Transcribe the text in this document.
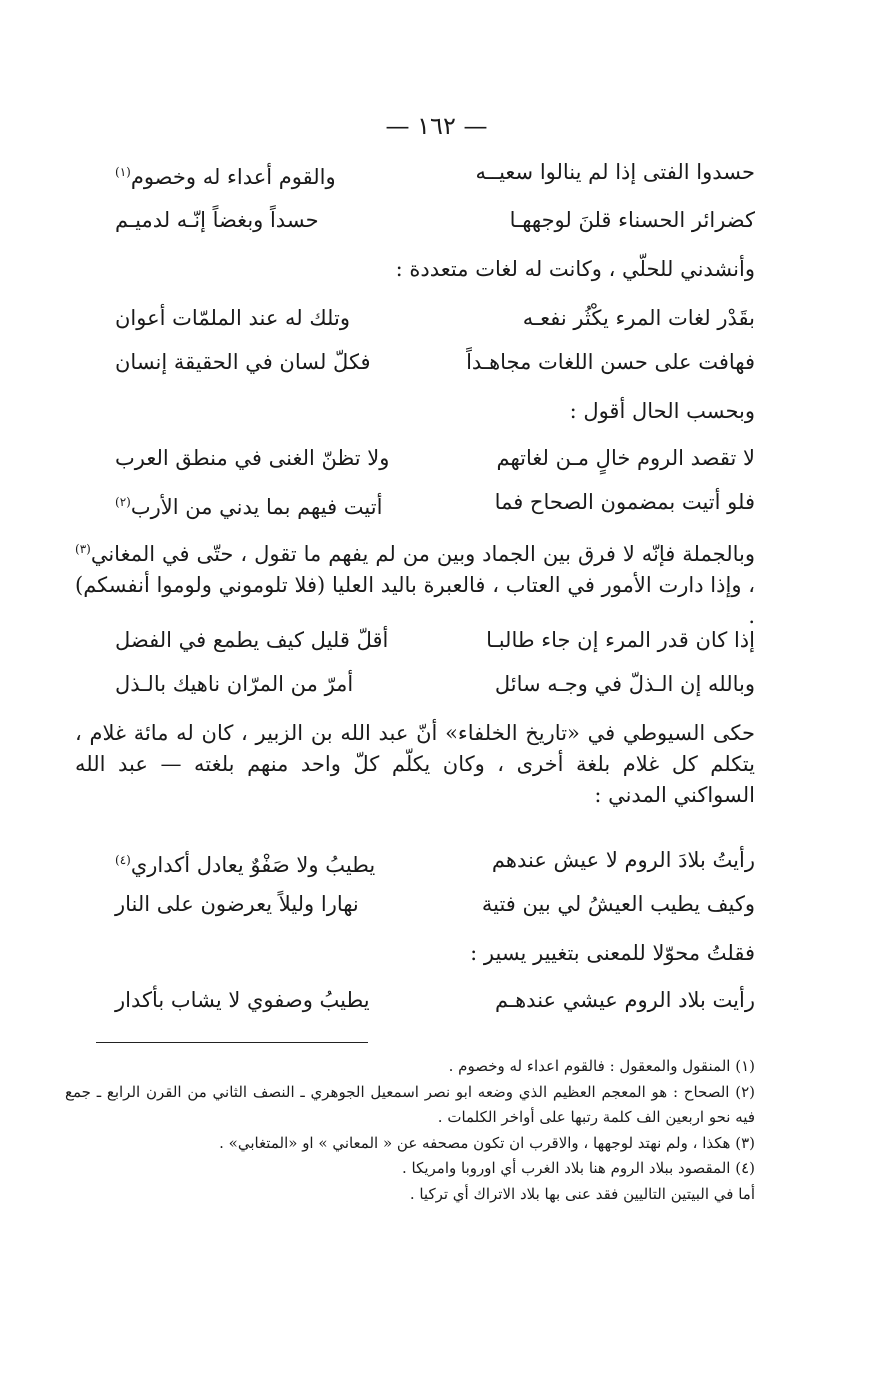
— ١٦٢ —
حسدوا الفتى إذا لم ينالوا سعيــه
والقوم أعداء له وخصوم$^{(١)}$
كضرائر الحسناء قلنَ لوجههـا
حسداً وبغضاً إنّـه لدميـم
وأنشدني للحلّي ، وكانت له لغات متعددة :
بقَدْر لغات المرء يكْثُر نفعـه
وتلك له عند الملمّات أعوان
فهافت على حسن اللغات مجاهـداً
فكلّ لسان في الحقيقة إنسان
وبحسب الحال أقول :
لا تقصد الروم خالٍ مـن لغاتهم
ولا تظنّ الغنى في منطق العرب
فلو أتيت بمضمون الصحاح فما
أتيت فيهم بما يدني من الأرب$^{(٢)}$
وبالجملة فإنّه لا فرق بين الجماد وبين من لم يفهم ما تقول ، حتّى في المغاني$^{(٣)}$ ، وإذا دارت الأمور في العتاب ، فالعبرة باليد العليا (فلا تلوموني ولوموا أنفسكم) .
إذا كان قدر المرء إن جاء طالبـا
أقلّ قليل كيف يطمع في الفضل
وبالله إن الـذلّ في وجـه سائل
أمرّ من المرّان ناهيك بالـذل
حكى السيوطي في «تاريخ الخلفاء» أنّ عبد الله بن الزبير ، كان له مائة غلام ، يتكلم كل غلام بلغة أخرى ، وكان يكلّم كلّ واحد منهم بلغته — عبد الله السواكني المدني :
رأيتُ بلادَ الروم لا عيش عندهم
يطيبُ ولا صَفْوٌ يعادل أكداري$^{(٤)}$
وكيف يطيب العيشُ لي بين فتية
نهارا وليلاً يعرضون على النار
فقلتُ محوّلا للمعنى بتغيير يسير :
رأيت بلاد الروم عيشي عندهـم
يطيبُ وصفوي لا يشاب بأكدار
(١) المنقول والمعقول : فالقوم اعداء له وخصوم .
(٢) الصحاح : هو المعجم العظيم الذي وضعه ابو نصر اسمعيل الجوهري ـ النصف الثاني من القرن الرابع ـ جمع فيه نحو اربعين الف كلمة رتبها على أواخر الكلمات .
(٣) هكذا ، ولم نهتد لوجهها ، والاقرب ان تكون مصحفه عن « المعاني » او «المتغابي» .
(٤) المقصود ببلاد الروم هنا بلاد الغرب أي اوروبا وامريكا .
أما في البيتين التاليين فقد عنى بها بلاد الاتراك أي تركيا .
